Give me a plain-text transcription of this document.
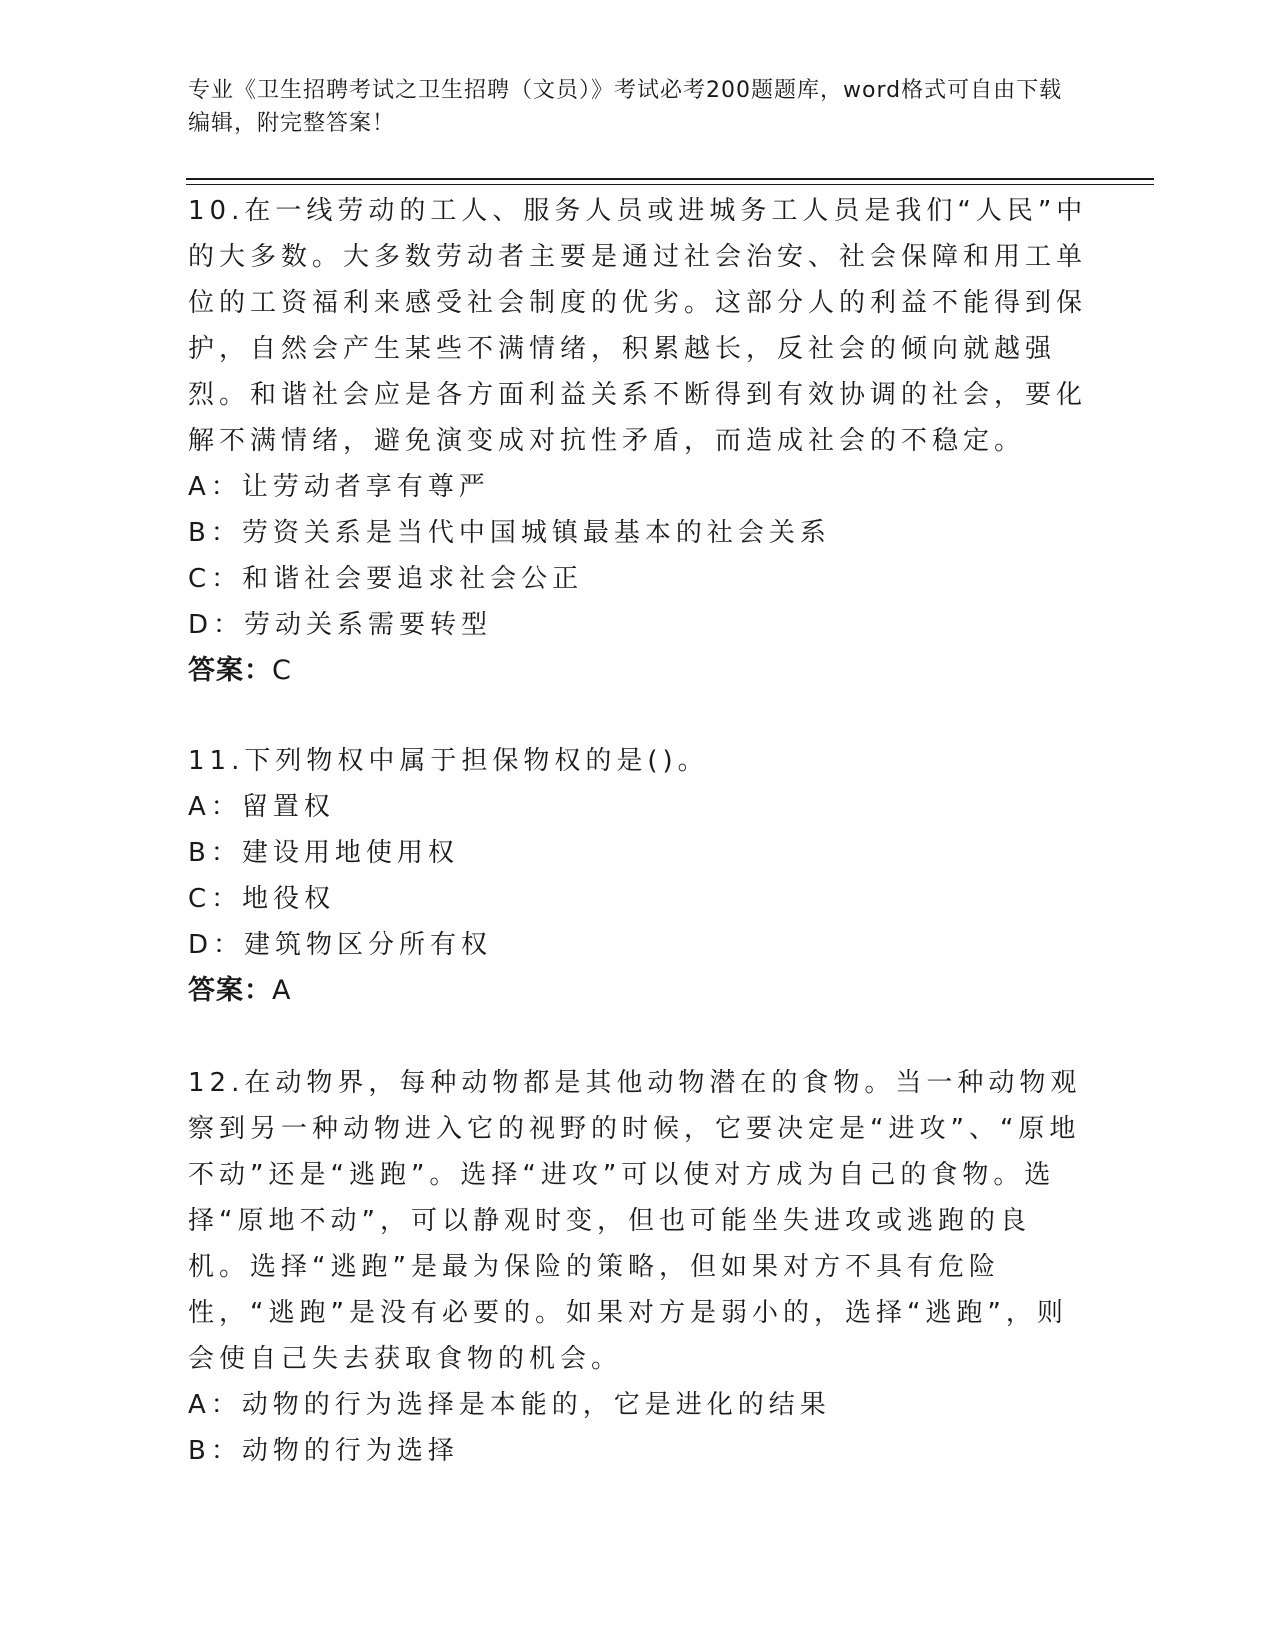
专业《卫生招聘考试之卫生招聘（文员）》考试必考200题题库，word格式可自由下载编辑，附完整答案！

10.在一线劳动的工人、服务人员或进城务工人员是我们“人民”中的大多数。大多数劳动者主要是通过社会治安、社会保障和用工单位的工资福利来感受社会制度的优劣。这部分人的利益不能得到保护，自然会产生某些不满情绪，积累越长，反社会的倾向就越强烈。和谐社会应是各方面利益关系不断得到有效协调的社会，要化解不满情绪，避免演变成对抗性矛盾，而造成社会的不稳定。

A：让劳动者享有尊严

B：劳资关系是当代中国城镇最基本的社会关系

C：和谐社会要追求社会公正

D：劳动关系需要转型

答案：C

11.下列物权中属于担保物权的是()。

A：留置权

B：建设用地使用权

C：地役权

D：建筑物区分所有权

答案：A

12.在动物界，每种动物都是其他动物潜在的食物。当一种动物观察到另一种动物进入它的视野的时候，它要决定是“进攻”、“原地不动”还是“逃跑”。选择“进攻”可以使对方成为自己的食物。选择“原地不动”，可以静观时变，但也可能坐失进攻或逃跑的良机。选择“逃跑”是最为保险的策略，但如果对方不具有危险性，“逃跑”是没有必要的。如果对方是弱小的，选择“逃跑”，则会使自己失去获取食物的机会。

A：动物的行为选择是本能的，它是进化的结果

B：动物的行为选择
